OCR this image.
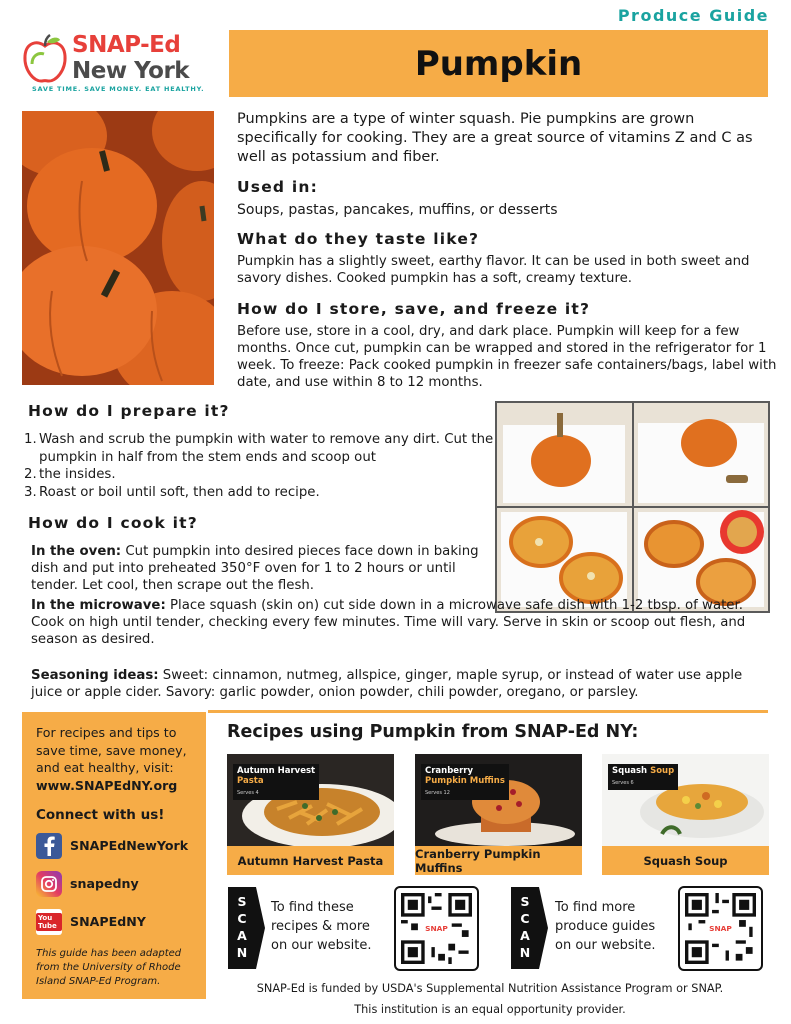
Produce Guide
SNAP-Ed
New York
SAVE TIME. SAVE MONEY. EAT HEALTHY.
Pumpkin
Pumpkins are a type of winter squash. Pie pumpkins are grown specifically for cooking. They are a great source of vitamins Z and C as well as potassium and fiber.
Used in:
Soups, pastas, pancakes, muffins, or desserts
What do they taste like?
Pumpkin has a slightly sweet, earthy flavor. It can be used in both sweet and savory dishes. Cooked pumpkin has a soft, creamy texture.
How do I store, save, and freeze it?
Before use, store in a cool, dry, and dark place. Pumpkin will keep for a few months. Once cut, pumpkin can be wrapped and stored in the refrigerator for 1 week. To freeze: Pack cooked pumpkin in freezer safe containers/bags, label with date, and use within 8 to 12 months.
How do I prepare it?
1. Wash and scrub the pumpkin with water to remove any dirt. Cut the pumpkin in half from the stem ends and scoop out
2. the insides.
3. Roast or boil until soft, then add to recipe.
How do I cook it?
In the oven: Cut pumpkin into desired pieces face down in baking dish and put into preheated 350°F oven for 1 to 2 hours or until tender. Let cool, then scrape out the flesh.
In the microwave: Place squash (skin on) cut side down in a microwave safe dish with 1-2 tbsp. of water. Cook on high until tender, checking every few minutes. Time will vary. Serve in skin or scoop out flesh, and season as desired.
Seasoning ideas: Sweet: cinnamon, nutmeg, allspice, ginger, maple syrup, or instead of water use apple juice or apple cider. Savory: garlic powder, onion powder, chili powder, oregano, or parsley.
For recipes and tips to save time, save money, and eat healthy, visit:
www.SNAPEdNY.org
Connect with us!
SNAPEdNewYork
snapedny
You Tube	SNAPEdNY
This guide has been adapted from the University of Rhode Island SNAP-Ed Program.
Recipes using Pumpkin from SNAP-Ed NY:
Autumn Harvest
Pasta
Serves 4
Autumn Harvest Pasta
Cranberry
Pumpkin Muffins
Serves 12
Cranberry Pumpkin Muffins
Squash Soup
Serves 6
Squash Soup
S
C
A
N
To find these recipes & more on our website.
SNAP
S
C
A
N
To find more produce guides on our website.
SNAP
SNAP-Ed is funded by USDA's Supplemental Nutrition Assistance Program or SNAP.
This institution is an equal opportunity provider.
